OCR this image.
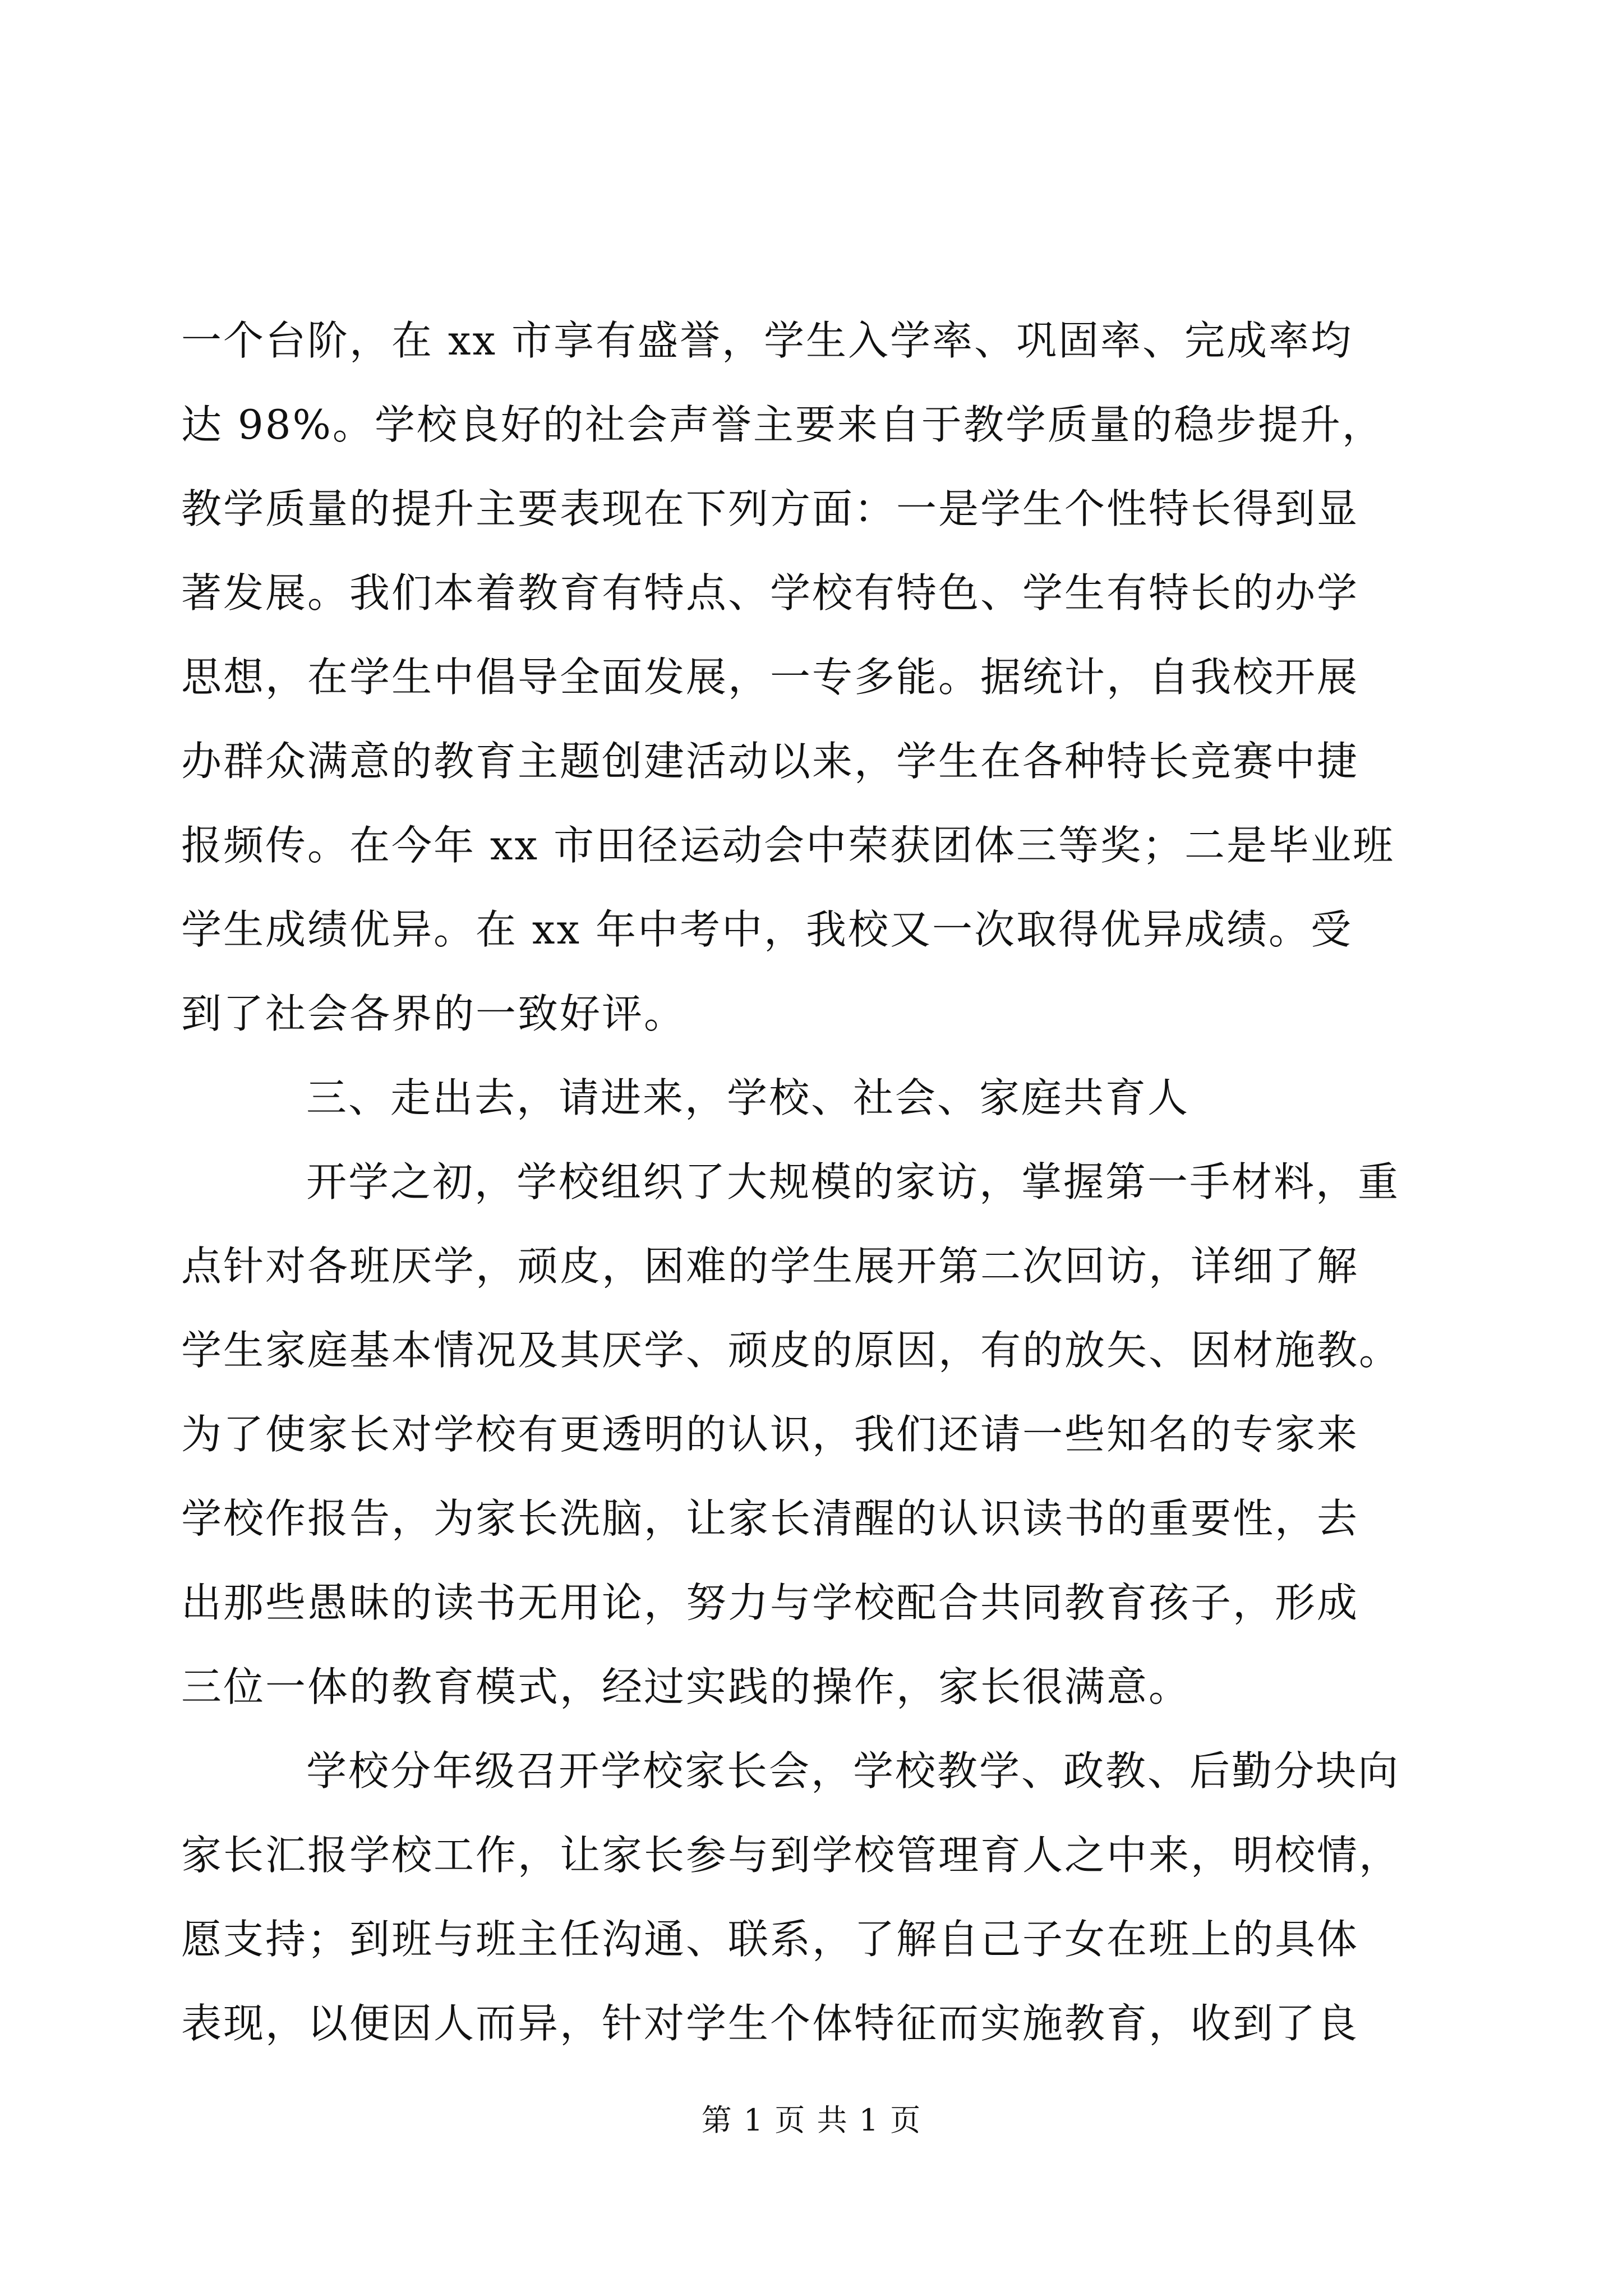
一个台阶，在 xx 市享有盛誉，学生入学率、巩固率、完成率均
达 98%。学校良好的社会声誉主要来自于教学质量的稳步提升，
教学质量的提升主要表现在下列方面：一是学生个性特长得到显
著发展。我们本着教育有特点、学校有特色、学生有特长的办学
思想，在学生中倡导全面发展，一专多能。据统计，自我校开展
办群众满意的教育主题创建活动以来，学生在各种特长竞赛中捷
报频传。在今年 xx 市田径运动会中荣获团体三等奖；二是毕业班
学生成绩优异。在 xx 年中考中，我校又一次取得优异成绩。受
到了社会各界的一致好评。
三、走出去，请进来，学校、社会、家庭共育人
开学之初，学校组织了大规模的家访，掌握第一手材料，重
点针对各班厌学，顽皮，困难的学生展开第二次回访，详细了解
学生家庭基本情况及其厌学、顽皮的原因，有的放矢、因材施教。
为了使家长对学校有更透明的认识，我们还请一些知名的专家来
学校作报告，为家长洗脑，让家长清醒的认识读书的重要性，去
出那些愚昧的读书无用论，努力与学校配合共同教育孩子，形成
三位一体的教育模式，经过实践的操作，家长很满意。
学校分年级召开学校家长会，学校教学、政教、后勤分块向
家长汇报学校工作，让家长参与到学校管理育人之中来，明校情，
愿支持；到班与班主任沟通、联系，了解自己子女在班上的具体
表现，以便因人而异，针对学生个体特征而实施教育，收到了良
第 1 页 共 1 页
